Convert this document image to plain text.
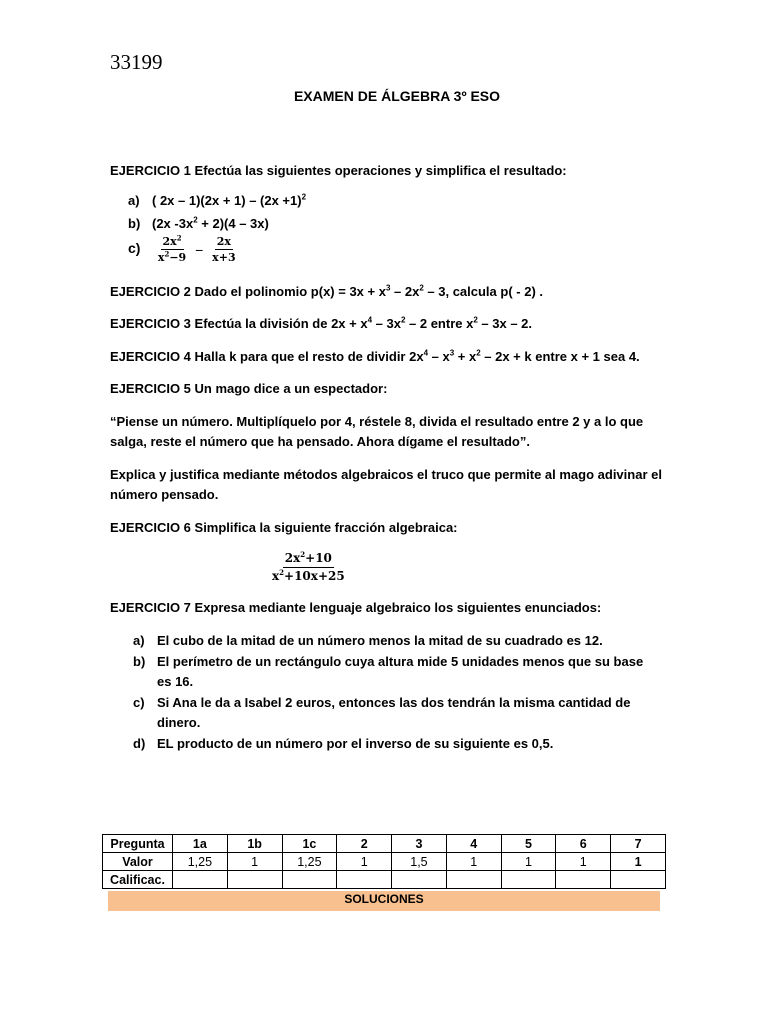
33199
EXAMEN DE ÁLGEBRA 3º ESO
EJERCICIO 1 Efectúa las siguientes operaciones y simplifica el resultado:
a) ( $2x - 1)(2x + 1) - (2x +1)^2$
b) (2x $-3x^2 + 2)(4 - 3x)$
$c) \frac{2x^2}{x^2-9} - \frac{2x}{x+3}$
EJERCICIO 2 Dado el polinomio $p(x) = 3x + x^3 - 2x^2 - 3$, calcula p( - 2) .
EJERCICIO 3 Efectúa la división de $2x + x^4 - 3x^2 - 2$ entre $x^2 - 3x - 2$.
EJERCICIO 4 Halla k para que el resto de dividir $2x^4 - x^3 + x^2 - 2x + k$ entre x + 1 sea 4.
EJERCICIO 5 Un mago dice a un espectador:
“Piense un número. Multiplíquelo por 4, réstele 8, divida el resultado entre 2 y a lo que salga, reste el número que ha pensado. Ahora dígame el resultado”.
Explica y justifica mediante métodos algebraicos el truco que permite al mago adivinar el número pensado.
EJERCICIO 6 Simplifica la siguiente fracción algebraica:
$\frac{2x^2+10}{x^2+10x+25}$
EJERCICIO 7 Expresa mediante lenguaje algebraico los siguientes enunciados:
a) El cubo de la mitad de un número menos la mitad de su cuadrado es 12.
b) El perímetro de un rectángulo cuya altura mide 5 unidades menos que su base es 16.
c) Si Ana le da a Isabel 2 euros, entonces las dos tendrán la misma cantidad de dinero.
d) EL producto de un número por el inverso de su siguiente es 0,5.
Pregunta	1a	1b	1c	2	3	4	5	6	7
Valor	1,25	1	1,25	1	1,5	1	1	1	1
Calificac.									
SOLUCIONES
